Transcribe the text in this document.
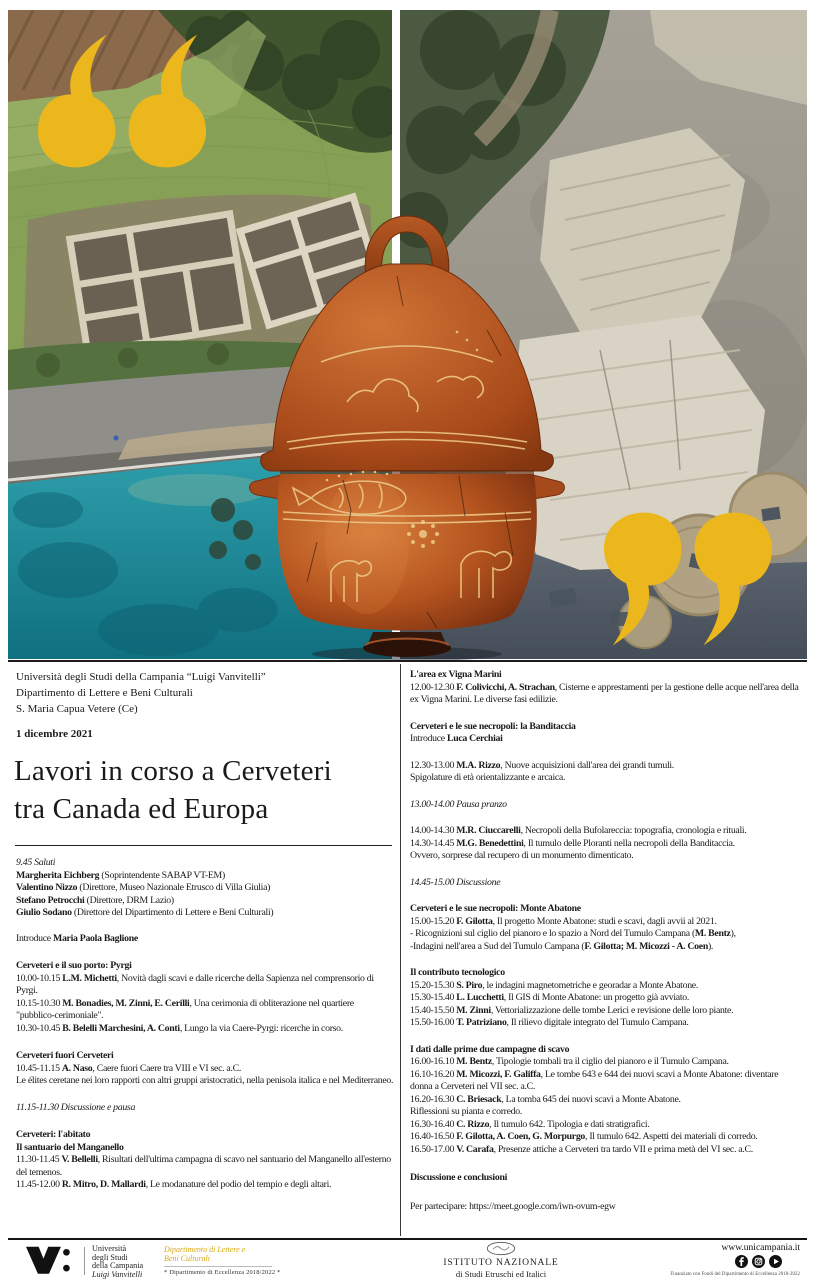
Università degli Studi della Campania “Luigi Vanvitelli”
Dipartimento di Lettere e Beni Culturali
S. Maria Capua Vetere (Ce)
1 dicembre 2021
Lavori in corso a Cerveteri
tra Canada ed Europa

9.45 Saluti

Margherita Eichberg (Soprintendente SABAP VT-EM)

Valentino Nizzo (Direttore, Museo Nazionale Etrusco di Villa Giulia)

Stefano Petrocchi (Direttore, DRM Lazio)

Giulio Sodano (Direttore del Dipartimento di Lettere e Beni Culturali)

Introduce Maria Paola Baglione

Cerveteri e il suo porto: Pyrgi

10.00-10.15 L.M. Michetti, Novità dagli scavi e dalle ricerche della Sapienza nel comprensorio di Pyrgi.

10.15-10.30 M. Bonadies, M. Zinni, E. Cerilli, Una cerimonia di obliterazione nel quartiere "pubblico-cerimoniale".

10.30-10.45 B. Belelli Marchesini, A. Conti, Lungo la via Caere-Pyrgi: ricerche in corso.

Cerveteri fuori Cerveteri

10.45-11.15 A. Naso, Caere fuori Caere tra VIII e VI sec. a.C.

Le élites ceretane nei loro rapporti con altri gruppi aristocratici, nella penisola italica e nel Mediterraneo.

11.15-11.30 Discussione e pausa

Cerveteri: l'abitato

Il santuario del Manganello

11.30-11.45 V. Bellelli, Risultati dell'ultima campagna di scavo nel santuario del Manganello all'esterno del temenos.

11.45-12.00 R. Mitro, D. Mallardi, Le modanature del podio del tempio e degli altari.

L'area ex Vigna Marini

12.00-12.30 F. Colivicchi, A. Strachan, Cisterne e apprestamenti per la gestione delle acque nell'area della ex Vigna Marini. Le diverse fasi edilizie.

Cerveteri e le sue necropoli: la Banditaccia

Introduce Luca Cerchiai

12.30-13.00 M.A. Rizzo, Nuove acquisizioni dall'area dei grandi tumuli.

Spigolature di età orientalizzante e arcaica.

13.00-14.00 Pausa pranzo

14.00-14.30 M.R. Ciuccarelli, Necropoli della Bufolareccia: topografia, cronologia e rituali.

14.30-14.45 M.G. Benedettini, Il tumulo delle Ploranti nella necropoli della Banditaccia.

Ovvero, sorprese dal recupero di un monumento dimenticato.

14.45-15.00 Discussione

Cerveteri e le sue necropoli: Monte Abatone

15.00-15.20 F. Gilotta, Il progetto Monte Abatone: studi e scavi, dagli avvii al 2021.

- Ricognizioni sul ciglio del pianoro e lo spazio a Nord del Tumulo Campana (M. Bentz),

-Indagini nell'area a Sud del Tumulo Campana (F. Gilotta; M. Micozzi - A. Coen).

Il contributo tecnologico

15.20-15.30 S. Piro, le indagini magnetometriche e georadar a Monte Abatone.

15.30-15.40 L. Lucchetti, Il GIS di Monte Abatone: un progetto già avviato.

15.40-15.50 M. Zinni, Vettorializzazione delle tombe Lerici e revisione delle loro piante.

15.50-16.00 T. Patriziano, Il rilievo digitale integrato del Tumulo Campana.

I dati dalle prime due campagne di scavo

16.00-16.10 M. Bentz, Tipologie tombali tra il ciglio del pianoro e il Tumulo Campana.

16.10-16.20 M. Micozzi, F. Galiffa, Le tombe 643 e 644 dei nuovi scavi a Monte Abatone: diventare donna a Cerveteri nel VII sec. a.C.

16.20-16.30 C. Briesack, La tomba 645 dei nuovi scavi a Monte Abatone.

Riflessioni su pianta e corredo.

16.30-16.40 C. Rizzo, Il tumulo 642. Tipologia e dati stratigrafici.

16.40-16.50 F. Gilotta, A. Coen, G. Morpurgo, Il tumulo 642. Aspetti dei materiali di corredo.

16.50-17.00 V. Carafa, Presenze attiche a Cerveteri tra tardo VII e prima metà del VI sec. a.C.

Discussione e conclusioni

Per partecipare: https://meet.google.com/iwn-ovum-egw

Università
degli Studi
della Campania
Luigi Vanvitelli
Dipartimento di Lettere e
Beni Culturali
* Dipartimento di Eccellenza 2018/2022 *
ISTITUTO NAZIONALE
di Studi Etruschi ed Italici
www.unicampania.it
Finanziato con Fondi del Dipartimento di Eccellenza 2018-2022
